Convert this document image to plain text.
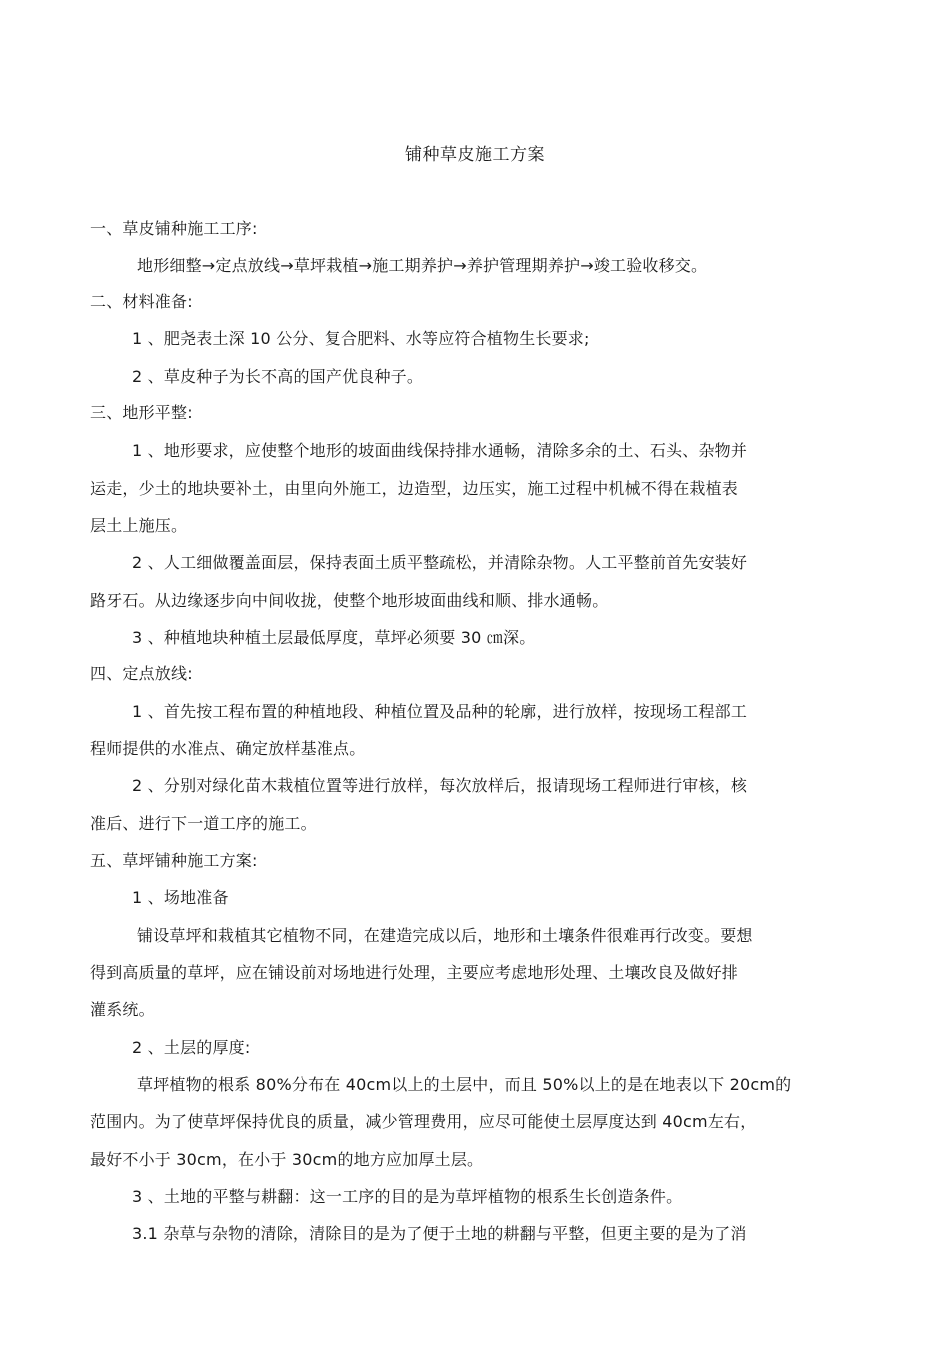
铺种草皮施工方案
一、草皮铺种施工工序:
地形细整→定点放线→草坪栽植→施工期养护→养护管理期养护→竣工验收移交。
二、材料准备:
1 、肥尧表土深 10 公分、复合肥料、水等应符合植物生长要求;
2 、草皮种子为长不高的国产优良种子。
三、地形平整:
1 、地形要求，应使整个地形的坡面曲线保持排水通畅，清除多余的土、石头、杂物并
运走，少土的地块要补土，由里向外施工，边造型，边压实，施工过程中机械不得在栽植表
层土上施压。
2 、人工细做覆盖面层，保持表面土质平整疏松，并清除杂物。人工平整前首先安装好
路牙石。从边缘逐步向中间收拢，使整个地形坡面曲线和顺、排水通畅。
3 、种植地块种植土层最低厚度，草坪必须要 30 ㎝深。
四、定点放线:
1 、首先按工程布置的种植地段、种植位置及品种的轮廓，进行放样，按现场工程部工
程师提供的水准点、确定放样基准点。
2 、分别对绿化苗木栽植位置等进行放样，每次放样后，报请现场工程师进行审核，核
准后、进行下一道工序的施工。
五、草坪铺种施工方案:
1 、场地准备
铺设草坪和栽植其它植物不同，在建造完成以后，地形和土壤条件很难再行改变。要想
得到高质量的草坪，应在铺设前对场地进行处理，主要应考虑地形处理、土壤改良及做好排
灌系统。
2 、土层的厚度:
草坪植物的根系 80%分布在 40cm以上的土层中，而且 50%以上的是在地表以下 20cm的
范围内。为了使草坪保持优良的质量，减少管理费用，应尽可能使土层厚度达到 40cm左右，
最好不小于 30cm，在小于 30cm的地方应加厚土层。
3 、土地的平整与耕翻：这一工序的目的是为草坪植物的根系生长创造条件。
3.1 杂草与杂物的清除，清除目的是为了便于土地的耕翻与平整，但更主要的是为了消
